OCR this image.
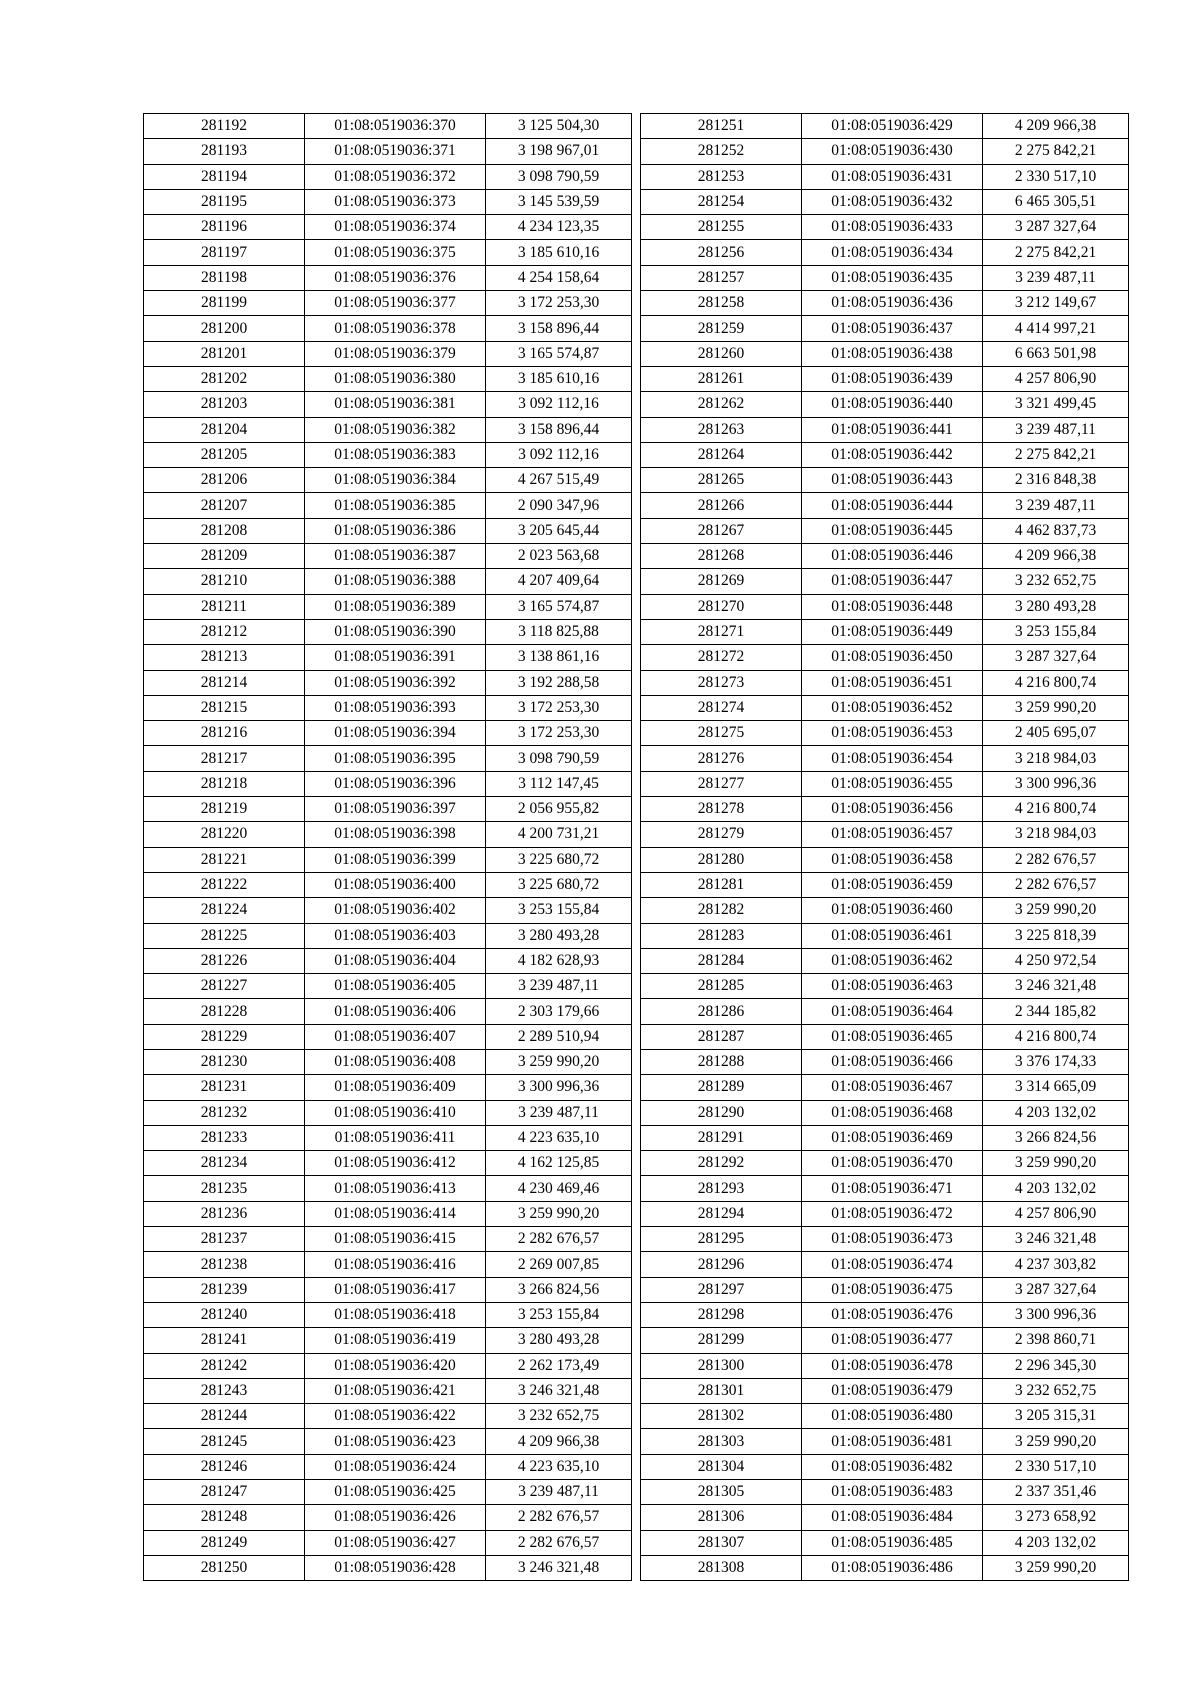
281192	01:08:0519036:370	3 125 504,30
281193	01:08:0519036:371	3 198 967,01
281194	01:08:0519036:372	3 098 790,59
281195	01:08:0519036:373	3 145 539,59
281196	01:08:0519036:374	4 234 123,35
281197	01:08:0519036:375	3 185 610,16
281198	01:08:0519036:376	4 254 158,64
281199	01:08:0519036:377	3 172 253,30
281200	01:08:0519036:378	3 158 896,44
281201	01:08:0519036:379	3 165 574,87
281202	01:08:0519036:380	3 185 610,16
281203	01:08:0519036:381	3 092 112,16
281204	01:08:0519036:382	3 158 896,44
281205	01:08:0519036:383	3 092 112,16
281206	01:08:0519036:384	4 267 515,49
281207	01:08:0519036:385	2 090 347,96
281208	01:08:0519036:386	3 205 645,44
281209	01:08:0519036:387	2 023 563,68
281210	01:08:0519036:388	4 207 409,64
281211	01:08:0519036:389	3 165 574,87
281212	01:08:0519036:390	3 118 825,88
281213	01:08:0519036:391	3 138 861,16
281214	01:08:0519036:392	3 192 288,58
281215	01:08:0519036:393	3 172 253,30
281216	01:08:0519036:394	3 172 253,30
281217	01:08:0519036:395	3 098 790,59
281218	01:08:0519036:396	3 112 147,45
281219	01:08:0519036:397	2 056 955,82
281220	01:08:0519036:398	4 200 731,21
281221	01:08:0519036:399	3 225 680,72
281222	01:08:0519036:400	3 225 680,72
281224	01:08:0519036:402	3 253 155,84
281225	01:08:0519036:403	3 280 493,28
281226	01:08:0519036:404	4 182 628,93
281227	01:08:0519036:405	3 239 487,11
281228	01:08:0519036:406	2 303 179,66
281229	01:08:0519036:407	2 289 510,94
281230	01:08:0519036:408	3 259 990,20
281231	01:08:0519036:409	3 300 996,36
281232	01:08:0519036:410	3 239 487,11
281233	01:08:0519036:411	4 223 635,10
281234	01:08:0519036:412	4 162 125,85
281235	01:08:0519036:413	4 230 469,46
281236	01:08:0519036:414	3 259 990,20
281237	01:08:0519036:415	2 282 676,57
281238	01:08:0519036:416	2 269 007,85
281239	01:08:0519036:417	3 266 824,56
281240	01:08:0519036:418	3 253 155,84
281241	01:08:0519036:419	3 280 493,28
281242	01:08:0519036:420	2 262 173,49
281243	01:08:0519036:421	3 246 321,48
281244	01:08:0519036:422	3 232 652,75
281245	01:08:0519036:423	4 209 966,38
281246	01:08:0519036:424	4 223 635,10
281247	01:08:0519036:425	3 239 487,11
281248	01:08:0519036:426	2 282 676,57
281249	01:08:0519036:427	2 282 676,57
281250	01:08:0519036:428	3 246 321,48
281251	01:08:0519036:429	4 209 966,38
281252	01:08:0519036:430	2 275 842,21
281253	01:08:0519036:431	2 330 517,10
281254	01:08:0519036:432	6 465 305,51
281255	01:08:0519036:433	3 287 327,64
281256	01:08:0519036:434	2 275 842,21
281257	01:08:0519036:435	3 239 487,11
281258	01:08:0519036:436	3 212 149,67
281259	01:08:0519036:437	4 414 997,21
281260	01:08:0519036:438	6 663 501,98
281261	01:08:0519036:439	4 257 806,90
281262	01:08:0519036:440	3 321 499,45
281263	01:08:0519036:441	3 239 487,11
281264	01:08:0519036:442	2 275 842,21
281265	01:08:0519036:443	2 316 848,38
281266	01:08:0519036:444	3 239 487,11
281267	01:08:0519036:445	4 462 837,73
281268	01:08:0519036:446	4 209 966,38
281269	01:08:0519036:447	3 232 652,75
281270	01:08:0519036:448	3 280 493,28
281271	01:08:0519036:449	3 253 155,84
281272	01:08:0519036:450	3 287 327,64
281273	01:08:0519036:451	4 216 800,74
281274	01:08:0519036:452	3 259 990,20
281275	01:08:0519036:453	2 405 695,07
281276	01:08:0519036:454	3 218 984,03
281277	01:08:0519036:455	3 300 996,36
281278	01:08:0519036:456	4 216 800,74
281279	01:08:0519036:457	3 218 984,03
281280	01:08:0519036:458	2 282 676,57
281281	01:08:0519036:459	2 282 676,57
281282	01:08:0519036:460	3 259 990,20
281283	01:08:0519036:461	3 225 818,39
281284	01:08:0519036:462	4 250 972,54
281285	01:08:0519036:463	3 246 321,48
281286	01:08:0519036:464	2 344 185,82
281287	01:08:0519036:465	4 216 800,74
281288	01:08:0519036:466	3 376 174,33
281289	01:08:0519036:467	3 314 665,09
281290	01:08:0519036:468	4 203 132,02
281291	01:08:0519036:469	3 266 824,56
281292	01:08:0519036:470	3 259 990,20
281293	01:08:0519036:471	4 203 132,02
281294	01:08:0519036:472	4 257 806,90
281295	01:08:0519036:473	3 246 321,48
281296	01:08:0519036:474	4 237 303,82
281297	01:08:0519036:475	3 287 327,64
281298	01:08:0519036:476	3 300 996,36
281299	01:08:0519036:477	2 398 860,71
281300	01:08:0519036:478	2 296 345,30
281301	01:08:0519036:479	3 232 652,75
281302	01:08:0519036:480	3 205 315,31
281303	01:08:0519036:481	3 259 990,20
281304	01:08:0519036:482	2 330 517,10
281305	01:08:0519036:483	2 337 351,46
281306	01:08:0519036:484	3 273 658,92
281307	01:08:0519036:485	4 203 132,02
281308	01:08:0519036:486	3 259 990,20
